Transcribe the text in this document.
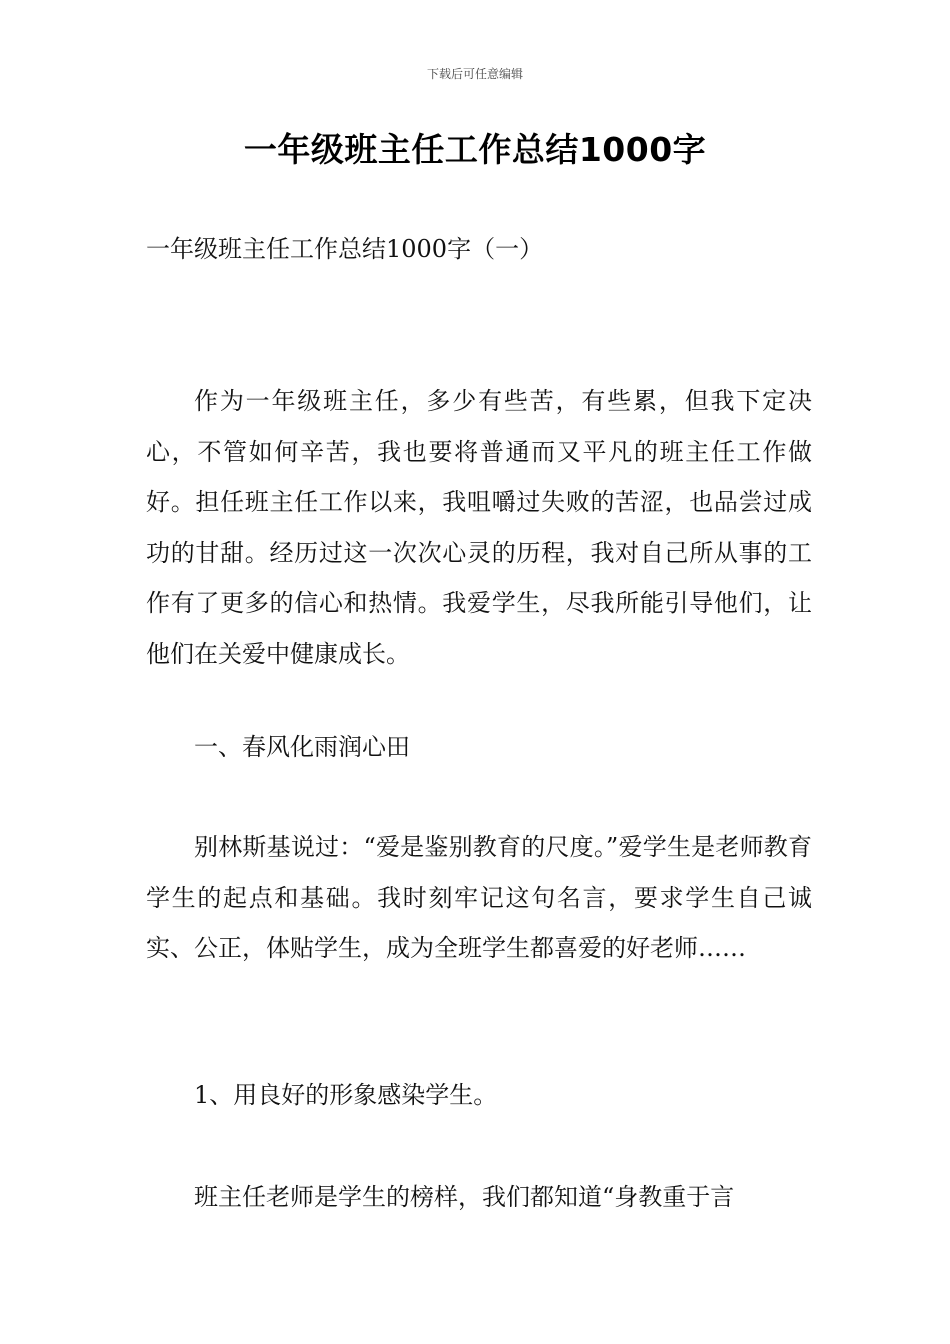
下载后可任意编辑
一年级班主任工作总结1000字
一年级班主任工作总结1000字（一）

作为一年级班主任，多少有些苦，有些累，但我下定决心，不管如何辛苦，我也要将普通而又平凡的班主任工作做好。担任班主任工作以来，我咀嚼过失败的苦涩，也品尝过成功的甘甜。经历过这一次次心灵的历程，我对自己所从事的工作有了更多的信心和热情。我爱学生，尽我所能引导他们，让他们在关爱中健康成长。

一、春风化雨润心田

别林斯基说过：“爱是鉴别教育的尺度。”爱学生是老师教育学生的起点和基础。我时刻牢记这句名言，要求学生自己诚实、公正，体贴学生，成为全班学生都喜爱的好老师……

1、用良好的形象感染学生。

班主任老师是学生的榜样，我们都知道“身教重于言
